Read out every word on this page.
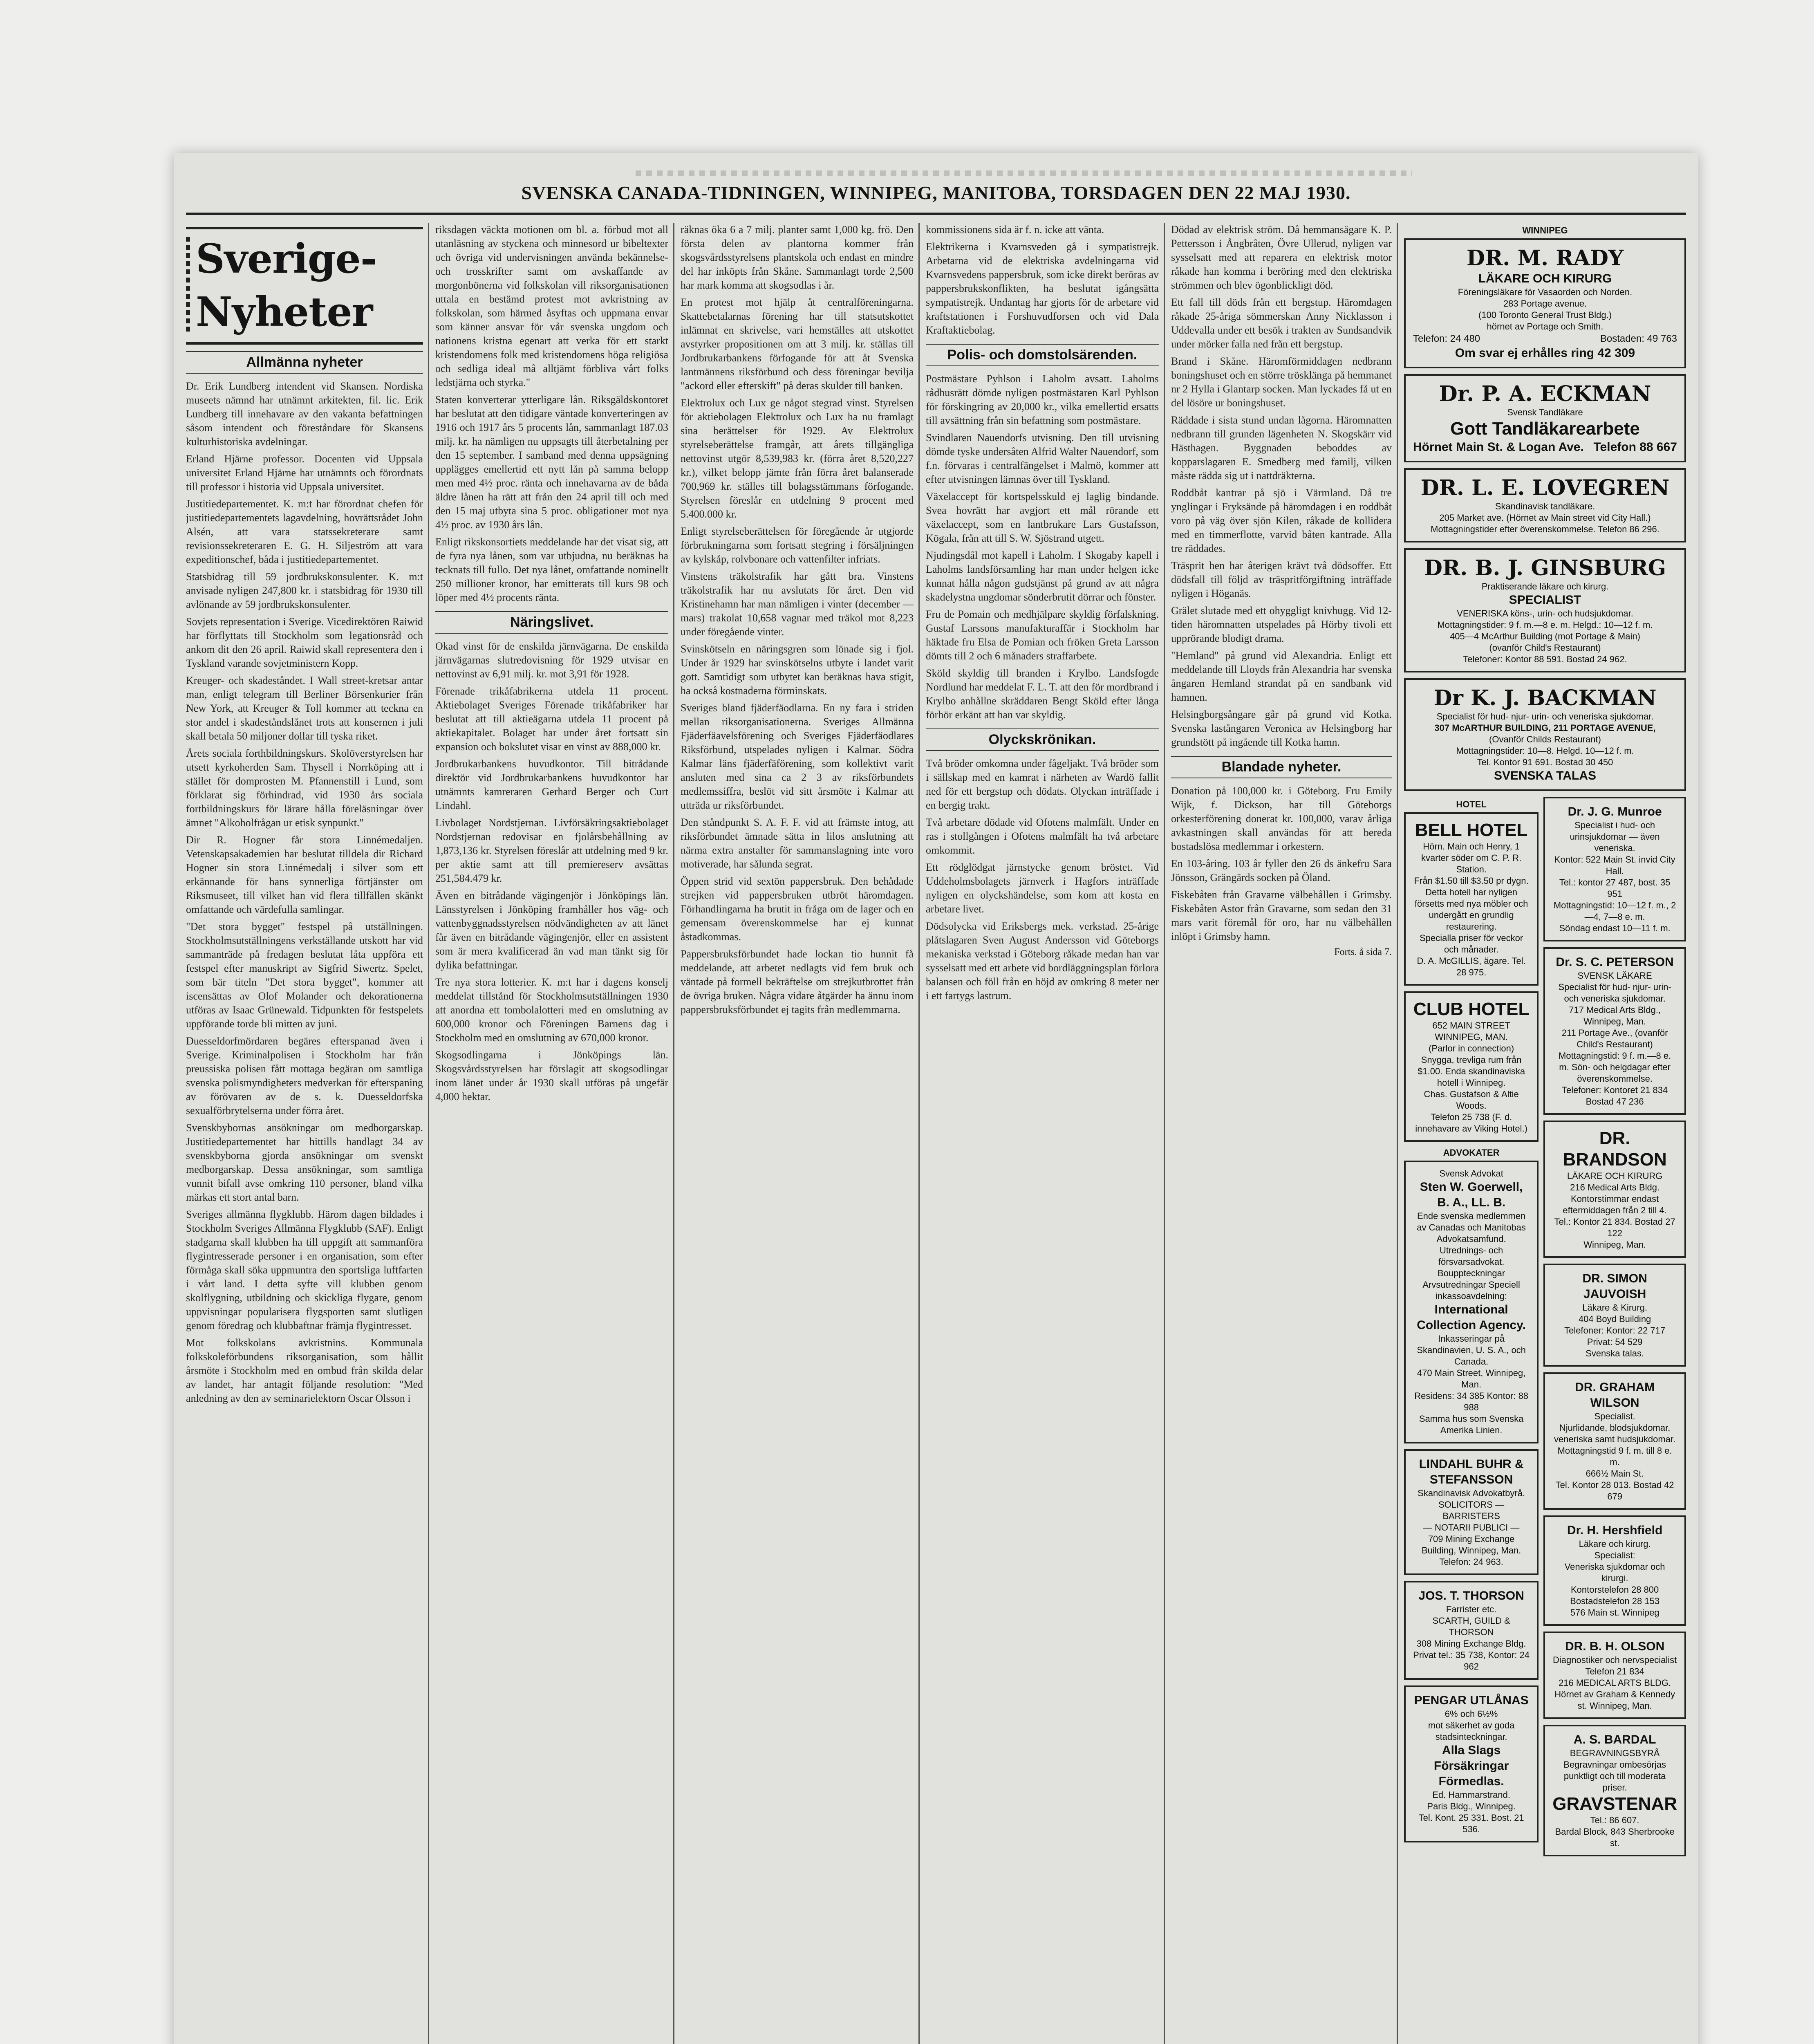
SVENSKA CANADA-TIDNINGEN, WINNIPEG, MANITOBA, TORSDAGEN DEN 22 MAJ 1930.
Sverige-Nyheter
Allmänna nyheter

Dr. Erik Lundberg intendent vid Skansen. Nordiska museets nämnd har utnämnt arkitekten, fil. lic. Erik Lundberg till innehavare av den vakanta befattningen såsom intendent och föreståndare för Skansens kulturhistoriska avdelningar.

Erland Hjärne professor. Docenten vid Uppsala universitet Erland Hjärne har utnämnts och förordnats till professor i historia vid Uppsala universitet.

Justitiedepartementet. K. m:t har förordnat chefen för justitiedepartementets lagavdelning, hovrättsrådet John Alsén, att vara statssekreterare samt revisionssekreteraren E. G. H. Siljeström att vara expeditionschef, båda i justitiedepartementet.

Statsbidrag till 59 jordbrukskonsulenter. K. m:t anvisade nyligen 247,800 kr. i statsbidrag för 1930 till avlönande av 59 jordbrukskonsulenter.

Sovjets representation i Sverige. Vicedirektören Raiwid har förflyttats till Stockholm som legationsråd och ankom dit den 26 april. Raiwid skall representera den i Tyskland varande sovjetministern Kopp.

Kreuger- och skadeståndet. I Wall street-kretsar antar man, enligt telegram till Berliner Börsenkurier från New York, att Kreuger & Toll kommer att teckna en stor andel i skadeståndslånet trots att konsernen i juli skall betala 50 miljoner dollar till tyska riket.

Årets sociala forthbildningskurs. Skolöverstyrelsen har utsett kyrkoherden Sam. Thysell i Norrköping att i stället för domprosten M. Pfannenstill i Lund, som förklarat sig förhindrad, vid 1930 års sociala fortbildningskurs för lärare hålla föreläsningar över ämnet "Alkoholfrågan ur etisk synpunkt."

Dir R. Hogner får stora Linnémedaljen. Vetenskapsakademien har beslutat tilldela dir Richard Hogner sin stora Linnémedalj i silver som ett erkännande för hans synnerliga förtjänster om Riksmuseet, till vilket han vid flera tillfällen skänkt omfattande och värdefulla samlingar.

"Det stora bygget" festspel på utställningen. Stockholmsutställningens verkställande utskott har vid sammanträde på fredagen beslutat låta uppföra ett festspel efter manuskript av Sigfrid Siwertz. Spelet, som bär titeln "Det stora bygget", kommer att iscensättas av Olof Molander och dekorationerna utföras av Isaac Grünewald. Tidpunkten för festspelets uppförande torde bli mitten av juni.

Duesseldorfmördaren begäres efterspanad även i Sverige. Kriminalpolisen i Stockholm har från preussiska polisen fått mottaga begäran om samtliga svenska polismyndigheters medverkan för efterspaning av förövaren av de s. k. Duesseldorfska sexualförbrytelserna under förra året.

Svenskbybornas ansökningar om medborgarskap. Justitiedepartementet har hittills handlagt 34 av svenskbyborna gjorda ansökningar om svenskt medborgarskap. Dessa ansökningar, som samtliga vunnit bifall avse omkring 110 personer, bland vilka märkas ett stort antal barn.

Sveriges allmänna flygklubb. Härom dagen bildades i Stockholm Sveriges Allmänna Flygklubb (SAF). Enligt stadgarna skall klubben ha till uppgift att sammanföra flygintresserade personer i en organisation, som efter förmåga skall söka uppmuntra den sportsliga luftfarten i vårt land. I detta syfte vill klubben genom skolflygning, utbildning och skickliga flygare, genom uppvisningar popularisera flygsporten samt slutligen genom föredrag och klubbaftnar främja flygintresset.

Mot folkskolans avkristnins. Kommunala folkskoleförbundens riksorganisation, som hållit årsmöte i Stockholm med en ombud från skilda delar av landet, har antagit följande resolution: "Med anledning av den av seminarielektorn Oscar Olsson i

riksdagen väckta motionen om bl. a. förbud mot all utanläsning av styckena och minnesord ur bibeltexter och övriga vid undervisningen använda bekännelse- och trosskrifter samt om avskaffande av morgonbönerna vid folkskolan vill riksorganisationen uttala en bestämd protest mot avkristning av folkskolan, som härmed åsyftas och uppmana envar som känner ansvar för vår svenska ungdom och nationens kristna egenart att verka för ett starkt kristendomens folk med kristendomens höga religiösa och sedliga ideal må alltjämt förbliva vårt folks ledstjärna och styrka."

Staten konverterar ytterligare lån. Riksgäldskontoret har beslutat att den tidigare väntade konverteringen av 1916 och 1917 års 5 procents lån, sammanlagt 187.03 milj. kr. ha nämligen nu uppsagts till återbetalning per den 15 september. I samband med denna uppsägning upplägges emellertid ett nytt lån på samma belopp men med 4½ proc. ränta och innehavarna av de båda äldre lånen ha rätt att från den 24 april till och med den 15 maj utbyta sina 5 proc. obligationer mot nya 4½ proc. av 1930 års lån.

Enligt rikskonsortiets meddelande har det visat sig, att de fyra nya lånen, som var utbjudna, nu beräknas ha tecknats till fullo. Det nya lånet, omfattande nominellt 250 millioner kronor, har emitterats till kurs 98 och löper med 4½ procents ränta.

Näringslivet.

Okad vinst för de enskilda järnvägarna. De enskilda järnvägarnas slutredovisning för 1929 utvisar en nettovinst av 6,91 milj. kr. mot 3,91 för 1928.

Förenade trikåfabrikerna utdela 11 procent. Aktiebolaget Sveriges Förenade trikåfabriker har beslutat att till aktieägarna utdela 11 procent på aktiekapitalet. Bolaget har under året fortsatt sin expansion och bokslutet visar en vinst av 888,000 kr.

Jordbrukarbankens huvudkontor. Till bitrådande direktör vid Jordbrukarbankens huvudkontor har utnämnts kamreraren Gerhard Berger och Curt Lindahl.

Livbolaget Nordstjernan. Livförsäkringsaktiebolaget Nordstjernan redovisar en fjolårsbehållning av 1,873,136 kr. Styrelsen föreslår att utdelning med 9 kr. per aktie samt att till premiereserv avsättas 251,584.479 kr.

Även en bitrådande vägingenjör i Jönköpings län. Länsstyrelsen i Jönköping framhåller hos väg- och vattenbyggnadsstyrelsen nödvändigheten av att länet får även en bitrådande vägingenjör, eller en assistent som är mera kvalificerad än vad man tänkt sig för dylika befattningar.

Tre nya stora lotterier. K. m:t har i dagens konselj meddelat tillstånd för Stockholmsutställningen 1930 att anordna ett tombolalotteri med en omslutning av 600,000 kronor och Föreningen Barnens dag i Stockholm med en omslutning av 670,000 kronor.

Skogsodlingarna i Jönköpings län. Skogsvårdsstyrelsen har förslagit att skogsodlingar inom länet under år 1930 skall utföras på ungefär 4,000 hektar.

räknas öka 6 a 7 milj. planter samt 1,000 kg. frö. Den första delen av plantorna kommer från skogsvårdsstyrelsens plantskola och endast en mindre del har inköpts från Skåne. Sammanlagt torde 2,500 har mark komma att skogsodlas i år.

En protest mot hjälp åt centralföreningarna. Skattebetalarnas förening har till statsutskottet inlämnat en skrivelse, vari hemställes att utskottet avstyrker propositionen om att 3 milj. kr. ställas till Jordbrukarbankens förfogande för att åt Svenska lantmännens riksförbund och dess föreningar bevilja "ackord eller efterskift" på deras skulder till banken.

Elektrolux och Lux ge något stegrad vinst. Styrelsen för aktiebolagen Elektrolux och Lux ha nu framlagt sina berättelser för 1929. Av Elektrolux styrelseberättelse framgår, att årets tillgängliga nettovinst utgör 8,539,983 kr. (förra året 8,520,227 kr.), vilket belopp jämte från förra året balanserade 700,969 kr. ställes till bolagsstämmans förfogande. Styrelsen föreslår en utdelning 9 procent med 5.400.000 kr.

Enligt styrelseberättelsen för föregående år utgjorde förbrukningarna som fortsatt stegring i försäljningen av kylskåp, rolvbonare och vattenfilter infriats.

Vinstens träkolstrafik har gått bra. Vinstens träkolstrafik har nu avslutats för året. Den vid Kristinehamn har man nämligen i vinter (december — mars) trakolat 10,658 vagnar med träkol mot 8,223 under föregående vinter.

Svinskötseln en näringsgren som lönade sig i fjol. Under år 1929 har svinskötselns utbyte i landet varit gott. Samtidigt som utbytet kan beräknas hava stigit, ha också kostnaderna förminskats.

Sveriges bland fjäderfäodlarna. En ny fara i striden mellan riksorganisationerna. Sveriges Allmänna Fjäderfäavelsförening och Sveriges Fjäderfäodlares Riksförbund, utspelades nyligen i Kalmar. Södra Kalmar läns fjäderfäförening, som kollektivt varit ansluten med sina ca 2 3 av riksförbundets medlemssiffra, beslöt vid sitt årsmöte i Kalmar att utträda ur riksförbundet.

Den ståndpunkt S. A. F. F. vid att främste intog, att riksförbundet ämnade sätta in lilos anslutning att närma extra anstalter för sammanslagning inte voro motiverade, har sålunda segrat.

Öppen strid vid sextön pappersbruk. Den behådade strejken vid pappersbruken utbröt häromdagen. Förhandlingarna ha brutit in fråga om de lager och en gemensam överenskommelse har ej kunnat åstadkommas.

Pappersbruksförbundet hade lockan tio hunnit få meddelande, att arbetet nedlagts vid fem bruk och väntade på formell bekräftelse om strejkutbrottet från de övriga bruken. Några vidare åtgärder ha ännu inom pappersbruksförbundet ej tagits från medlemmarna.

kommissionens sida är f. n. icke att vänta.

Elektrikerna i Kvarnsveden gå i sympatistrejk. Arbetarna vid de elektriska avdelningarna vid Kvarnsvedens pappersbruk, som icke direkt beröras av pappersbrukskonflikten, ha beslutat igångsätta sympatistrejk. Undantag har gjorts för de arbetare vid kraftstationen i Forshuvudforsen och vid Dala Kraftaktiebolag.

Polis- och domstolsärenden.

Postmästare Pyhlson i Laholm avsatt. Laholms rådhusrätt dömde nyligen postmästaren Karl Pyhlson för förskingring av 20,000 kr., vilka emellertid ersatts till avsättning från sin befattning som postmästare.

Svindlaren Nauendorfs utvisning. Den till utvisning dömde tyske undersåten Alfrid Walter Nauendorf, som f.n. förvaras i centralfängelset i Malmö, kommer att efter utvisningen lämnas över till Tyskland.

Växelaccept för kortspelsskuld ej laglig bindande. Svea hovrätt har avgjort ett mål rörande ett växelaccept, som en lantbrukare Lars Gustafsson, Kögala, från att till S. W. Sjöstrand utgett.

Njudingsdål mot kapell i Laholm. I Skogaby kapell i Laholms landsförsamling har man under helgen icke kunnat hålla någon gudstjänst på grund av att några skadelystna ungdomar sönderbrutit dörrar och fönster.

Fru de Pomain och medhjälpare skyldig förfalskning. Gustaf Larssons manufakturaffär i Stockholm har häktade fru Elsa de Pomian och fröken Greta Larsson dömts till 2 och 6 månaders straffarbete.

Sköld skyldig till branden i Krylbo. Landsfogde Nordlund har meddelat F. L. T. att den för mordbrand i Krylbo anhållne skräddaren Bengt Sköld efter långa förhör erkänt att han var skyldig.

Olyckskrönikan.

Två bröder omkomna under fågeljakt. Två bröder som i sällskap med en kamrat i närheten av Wardö fallit ned för ett bergstup och dödats. Olyckan inträffade i en bergig trakt.

Två arbetare dödade vid Ofotens malmfält. Under en ras i stollgången i Ofotens malmfält ha två arbetare omkommit.

Ett rödglödgat järnstycke genom bröstet. Vid Uddeholmsbolagets järnverk i Hagfors inträffade nyligen en olyckshändelse, som kom att kosta en arbetare livet.

Dödsolycka vid Eriksbergs mek. verkstad. 25-årige plåtslagaren Sven August Andersson vid Göteborgs mekaniska verkstad i Göteborg råkade medan han var sysselsatt med ett arbete vid bordläggningsplan förlora balansen och föll från en höjd av omkring 8 meter ner i ett fartygs lastrum.

Dödad av elektrisk ström. Då hemmansägare K. P. Pettersson i Ångbråten, Övre Ullerud, nyligen var sysselsatt med att reparera en elektrisk motor råkade han komma i beröring med den elektriska strömmen och blev ögonblickligt död.

Ett fall till döds från ett bergstup. Häromdagen råkade 25-åriga sömmerskan Anny Nicklasson i Uddevalla under ett besök i trakten av Sundsandvik under mörker falla ned från ett bergstup.

Brand i Skåne. Häromförmiddagen nedbrann boningshuset och en större trösklänga på hemmanet nr 2 Hylla i Glantarp socken. Man lyckades få ut en del lösöre ur boningshuset.

Räddade i sista stund undan lågorna. Häromnatten nedbrann till grunden lägenheten N. Skogskärr vid Hästhagen. Byggnaden beboddes av kopparslagaren E. Smedberg med familj, vilken måste rädda sig ut i nattdräkterna.

Roddbåt kantrar på sjö i Värmland. Då tre ynglingar i Fryksände på häromdagen i en roddbåt voro på väg över sjön Kilen, råkade de kollidera med en timmerflotte, varvid båten kantrade. Alla tre räddades.

Träsprit hen har återigen krävt två dödsoffer. Ett dödsfall till följd av träspritförgiftning inträffade nyligen i Höganäs.

Grälet slutade med ett ohyggligt knivhugg. Vid 12-tiden häromnatten utspelades på Hörby tivoli ett upprörande blodigt drama.

"Hemland" på grund vid Alexandria. Enligt ett meddelande till Lloyds från Alexandria har svenska ångaren Hemland strandat på en sandbank vid hamnen.

Helsingborgsångare går på grund vid Kotka. Svenska lastångaren Veronica av Helsingborg har grundstött på ingående till Kotka hamn.

Blandade nyheter.

Donation på 100,000 kr. i Göteborg. Fru Emily Wijk, f. Dickson, har till Göteborgs orkesterförening donerat kr. 100,000, varav årliga avkastningen skall användas för att bereda bostadslösa medlemmar i orkestern.

En 103-åring. 103 år fyller den 26 ds änkefru Sara Jönsson, Grängärds socken på Öland.

Fiskebåten från Gravarne välbehållen i Grimsby. Fiskebåten Astor från Gravarne, som sedan den 31 mars varit föremål för oro, har nu välbehållen inlöpt i Grimsby hamn.

Forts. å sida 7.
WINNIPEG
DR. M. RADY
LÄKARE OCH KIRURG
Föreningsläkare för Vasaorden och Norden.
283 Portage avenue.
(100 Toronto General Trust Bldg.)
hörnet av Portage och Smith.
Telefon: 24 480	Bostaden: 49 763
Om svar ej erhålles ring 42 309
Dr. P. A. ECKMAN
Svensk Tandläkare
Gott Tandläkarearbete
Hörnet Main St. & Logan Ave. Telefon 88 667
DR. L. E. LOVEGREN
Skandinavisk tandläkare.
205 Market ave. (Hörnet av Main street vid City Hall.)
Mottagningstider efter överenskommelse. Telefon 86 296.
DR. B. J. GINSBURG
Praktiserande läkare och kirurg.
SPECIALIST
VENERISKA köns-, urin- och hudsjukdomar.
Mottagningstider: 9 f. m.—8 e. m. Helgd.: 10—12 f. m.
405—4 McArthur Building (mot Portage & Main)
(ovanför Child's Restaurant)
Telefoner: Kontor 88 591. Bostad 24 962.
Dr K. J. BACKMAN
Specialist för hud- njur- urin- och veneriska sjukdomar.
307 McARTHUR BUILDING, 211 PORTAGE AVENUE,
(Ovanför Childs Restaurant)
Mottagningstider: 10—8. Helgd. 10—12 f. m.
Tel. Kontor 91 691. Bostad 30 450
SVENSKA TALAS
HOTEL
BELL HOTEL
Hörn. Main och Henry, 1 kvarter söder om C. P. R. Station.
Från $1.50 till $3.50 pr dygn. Detta hotell har nyligen försetts med nya möbler och undergått en grundlig restaurering.
Specialla priser för veckor och månader.
D. A. McGILLIS, ägare. Tel. 28 975.
CLUB HOTEL
652 MAIN STREET WINNIPEG, MAN.
(Parlor in connection)
Snygga, trevliga rum från $1.00. Enda skandinaviska hotell i Winnipeg.
Chas. Gustafson & Altie Woods.
Telefon 25 738 (F. d. innehavare av Viking Hotel.)
ADVOKATER
Svensk Advokat
Sten W. Goerwell, B. A., LL. B.
Ende svenska medlemmen av Canadas och Manitobas Advokatsamfund.
Utrednings- och försvarsadvokat. Bouppteckningar Arvsutredningar Speciell inkassoavdelning:
International Collection Agency.
Inkasseringar på Skandinavien, U. S. A., och Canada.
470 Main Street, Winnipeg, Man.
Residens: 34 385 Kontor: 88 988
Samma hus som Svenska Amerika Linien.
LINDAHL BUHR & STEFANSSON
Skandinavisk Advokatbyrå.
SOLICITORS — BARRISTERS
— NOTARII PUBLICI —
709 Mining Exchange Building, Winnipeg, Man.
Telefon: 24 963.
JOS. T. THORSON
Farrister etc.
SCARTH, GUILD & THORSON
308 Mining Exchange Bldg.
Privat tel.: 35 738, Kontor: 24 962
PENGAR UTLÅNAS
6% och 6½%
mot säkerhet av goda stadsinteckningar.
Alla Slags Försäkringar Förmedlas.
Ed. Hammarstrand.
Paris Bldg., Winnipeg.
Tel. Kont. 25 331. Bost. 21 536.
Dr. J. G. Munroe
Specialist i hud- och urinsjukdomar — även veneriska.
Kontor: 522 Main St. invid City Hall.
Tel.: kontor 27 487, bost. 35 951
Mottagningstid: 10—12 f. m., 2—4, 7—8 e. m.
Söndag endast 10—11 f. m.
Dr. S. C. PETERSON
SVENSK LÄKARE
Specialist för hud- njur- urin- och veneriska sjukdomar.
717 Medical Arts Bldg., Winnipeg, Man.
211 Portage Ave., (ovanför Child's Restaurant)
Mottagningstid: 9 f. m.—8 e. m. Sön- och helgdagar efter överenskommelse.
Telefoner: Kontoret 21 834 Bostad 47 236
DR. BRANDSON
LÄKARE OCH KIRURG
216 Medical Arts Bldg.
Kontorstimmar endast eftermiddagen från 2 till 4.
Tel.: Kontor 21 834. Bostad 27 122
Winnipeg, Man.
DR. SIMON JAUVOISH
Läkare & Kirurg.
404 Boyd Building
Telefoner: Kontor: 22 717 Privat: 54 529
Svenska talas.
DR. GRAHAM WILSON
Specialist.
Njurlidande, blodsjukdomar, veneriska samt hudsjukdomar.
Mottagningstid 9 f. m. till 8 e. m.
666½ Main St.
Tel. Kontor 28 013. Bostad 42 679
Dr. H. Hershfield
Läkare och kirurg.
Specialist:
Veneriska sjukdomar och kirurgi.
Kontorstelefon 28 800
Bostadstelefon 28 153
576 Main st. Winnipeg
DR. B. H. OLSON
Diagnostiker och nervspecialist
Telefon 21 834
216 MEDICAL ARTS BLDG.
Hörnet av Graham & Kennedy st. Winnipeg, Man.
A. S. BARDAL
BEGRAVNINGSBYRÅ
Begravningar ombesörjas punktligt och till moderata priser.
GRAVSTENAR
Tel.: 86 607.
Bardal Block, 843 Sherbrooke st.
